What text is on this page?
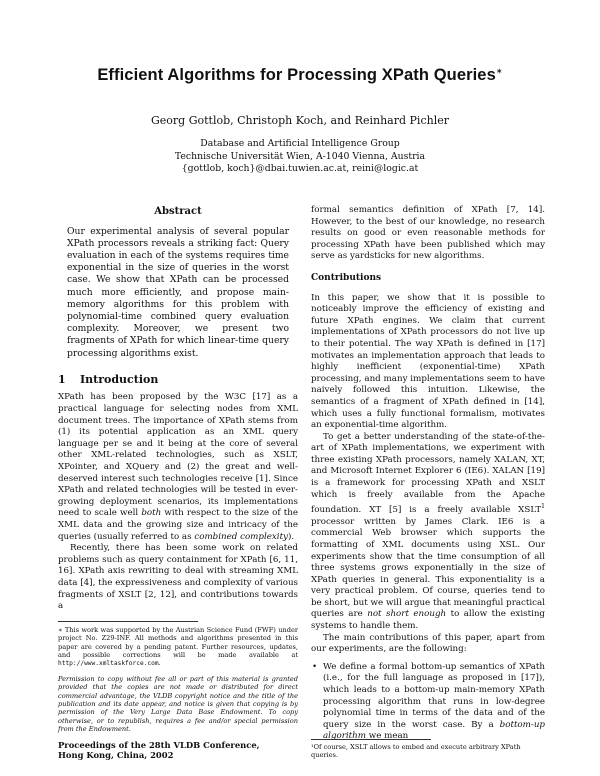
Efficient Algorithms for Processing XPath Queries∗
Georg Gottlob, Christoph Koch, and Reinhard Pichler
Database and Artificial Intelligence Group
Technische Universität Wien, A-1040 Vienna, Austria
{gottlob, koch}@dbai.tuwien.ac.at, reini@logic.at
Abstract

Our experimental analysis of several popular XPath processors reveals a striking fact: Query evaluation in each of the systems requires time exponential in the size of queries in the worst case. We show that XPath can be processed much more efficiently, and propose main-memory algorithms for this problem with polynomial-time combined query evaluation complexity. Moreover, we present two fragments of XPath for which linear-time query processing algorithms exist.

1 Introduction

XPath has been proposed by the W3C [17] as a practical language for selecting nodes from XML document trees. The importance of XPath stems from (1) its potential application as an XML query language per se and it being at the core of several other XML-related technologies, such as XSLT, XPointer, and XQuery and (2) the great and well-deserved interest such technologies receive [1]. Since XPath and related technologies will be tested in ever-growing deployment scenarios, its implementations need to scale well both with respect to the size of the XML data and the growing size and intricacy of the queries (usually referred to as combined complexity).

Recently, there has been some work on related problems such as query containment for XPath [6, 11, 16]. XPath axis rewriting to deal with streaming XML data [4], the expressiveness and complexity of various fragments of XSLT [2, 12], and contributions towards a

∗ This work was supported by the Austrian Science Fund (FWF) under project No. Z29-INF. All methods and algorithms presented in this paper are covered by a pending patent. Further resources, updates, and possible corrections will be made available at http://www.xmltaskforce.com.
Permission to copy without fee all or part of this material is granted provided that the copies are not made or distributed for direct commercial advantage, the VLDB copyright notice and the title of the publication and its date appear, and notice is given that copying is by permission of the Very Large Data Base Endowment. To copy otherwise, or to republish, requires a fee and/or special permission from the Endowment.
Proceedings of the 28th VLDB Conference,
Hong Kong, China, 2002

formal semantics definition of XPath [7, 14]. However, to the best of our knowledge, no research results on good or even reasonable methods for processing XPath have been published which may serve as yardsticks for new algorithms.

Contributions

In this paper, we show that it is possible to noticeably improve the efficiency of existing and future XPath engines. We claim that current implementations of XPath processors do not live up to their potential. The way XPath is defined in [17] motivates an implementation approach that leads to highly inefficient (exponential-time) XPath processing, and many implementations seem to have naively followed this intuition. Likewise, the semantics of a fragment of XPath defined in [14], which uses a fully functional formalism, motivates an exponential-time algorithm.

To get a better understanding of the state-of-the-art of XPath implementations, we experiment with three existing XPath processors, namely XALAN, XT, and Microsoft Internet Explorer 6 (IE6). XALAN [19] is a framework for processing XPath and XSLT which is freely available from the Apache foundation. XT [5] is a freely available XSLT$^1$ processor written by James Clark. IE6 is a commercial Web browser which supports the formatting of XML documents using XSL. Our experiments show that the time consumption of all three systems grows exponentially in the size of XPath queries in general. This exponentiality is a very practical problem. Of course, queries tend to be short, but we will argue that meaningful practical queries are not short enough to allow the existing systems to handle them.

The main contributions of this paper, apart from our experiments, are the following:

• We define a formal bottom-up semantics of XPath (i.e., for the full language as proposed in [17]), which leads to a bottom-up main-memory XPath processing algorithm that runs in low-degree polynomial time in terms of the data and of the query size in the worst case. By a bottom-up algorithm we mean
¹Of course, XSLT allows to embed and execute arbitrary XPath queries.
